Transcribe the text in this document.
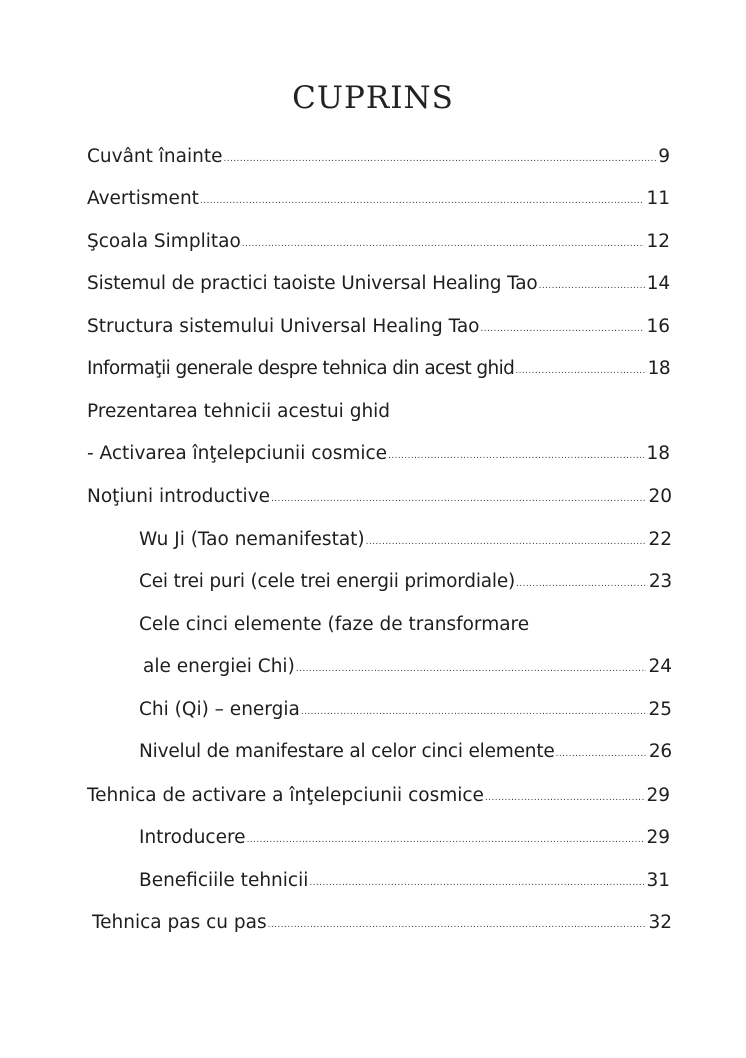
CUPRINS
Cuvânt înainte .....	9
Avertisment .....	11
Şcoala Simplitao .....	12
Sistemul de practici taoiste Universal Healing Tao .....	14
Structura sistemului Universal Healing Tao .....	16
Informaţii generale despre tehnica din acest ghid .....	18
Prezentarea tehnicii acestui ghid
- Activarea înţelepciunii cosmice .....	18
Noţiuni introductive .....	20
Wu Ji (Tao nemanifestat) .....	22
Cei trei puri (cele trei energii primordiale) .....	23
Cele cinci elemente (faze de transformare
ale energiei Chi) .....	24
Chi (Qi) – energia .....	25
Nivelul de manifestare al celor cinci elemente .....	26
Tehnica de activare a înţelepciunii cosmice .....	29
Introducere .....	29
Beneficiile tehnicii .....	31
Tehnica pas cu pas .....	32
